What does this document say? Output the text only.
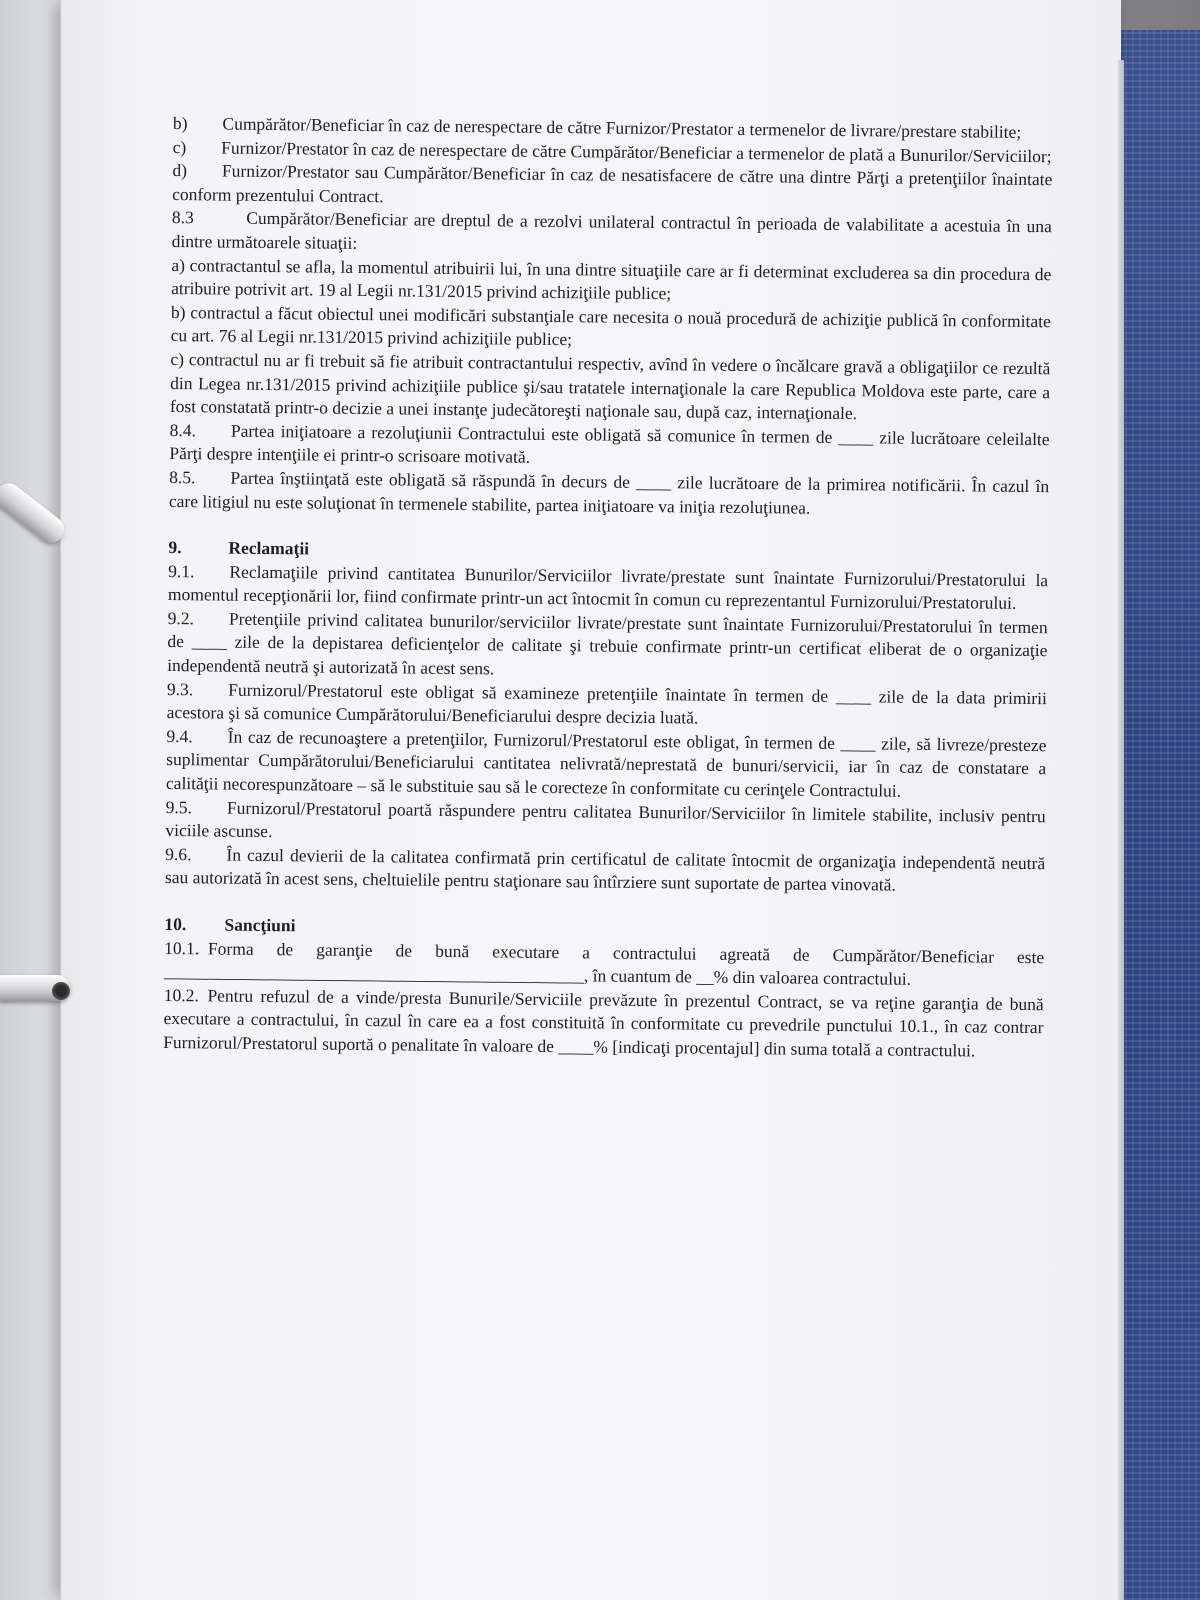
b)  Cumpărător/Beneficiar în caz de nerespectare de către Furnizor/Prestator a termenelor de livrare/prestare stabilite;

c)  Furnizor/Prestator în caz de nerespectare de către Cumpărător/Beneficiar a termenelor de plată a Bunurilor/Serviciilor;

d)  Furnizor/Prestator sau Cumpărător/Beneficiar în caz de nesatisfacere de către una dintre Părţi a pretenţiilor înaintate conform prezentului Contract.

8.3   Cumpărător/Beneficiar are dreptul de a rezolvi unilateral contractul în perioada de valabilitate a acestuia în una dintre următoarele situaţii:

a) contractantul se afla, la momentul atribuirii lui, în una dintre situaţiile care ar fi determinat excluderea sa din procedura de atribuire potrivit art. 19 al Legii nr.131/2015 privind achiziţiile publice;

b) contractul a făcut obiectul unei modificări substanţiale care necesita o nouă procedură de achiziţie publică în conformitate cu art. 76 al Legii nr.131/2015 privind achiziţiile publice;

c) contractul nu ar fi trebuit să fie atribuit contractantului respectiv, avînd în vedere o încălcare gravă a obligaţiilor ce rezultă din Legea nr.131/2015 privind achiziţiile publice şi/sau tratatele internaţionale la care Republica Moldova este parte, care a fost constatată printr-o decizie a unei instanţe judecătoreşti naţionale sau, după caz, internaţionale.

8.4.  Partea iniţiatoare a rezoluţiunii Contractului este obligată să comunice în termen de ____ zile lucrătoare celeilalte Părţi despre intenţiile ei printr-o scrisoare motivată.

8.5.  Partea înştiinţată este obligată să răspundă în decurs de ____ zile lucrătoare de la primirea notificării. În cazul în care litigiul nu este soluţionat în termenele stabilite, partea iniţiatoare va iniţia rezoluţiunea.

9.	Reclamaţii

9.1.  Reclamaţiile privind cantitatea Bunurilor/Serviciilor livrate/prestate sunt înaintate Furnizorului/Prestatorului la momentul recepţionării lor, fiind confirmate printr-un act întocmit în comun cu reprezentantul Furnizorului/Prestatorului.

9.2.  Pretenţiile privind calitatea bunurilor/serviciilor livrate/prestate sunt înaintate Furnizorului/Prestatorului în termen de ____ zile de la depistarea deficienţelor de calitate şi trebuie confirmate printr-un certificat eliberat de o organizaţie independentă neutră şi autorizată în acest sens.

9.3.  Furnizorul/Prestatorul este obligat să examineze pretenţiile înaintate în termen de ____ zile de la data primirii acestora şi să comunice Cumpărătorului/Beneficiarului despre decizia luată.

9.4.  În caz de recunoaştere a pretenţiilor, Furnizorul/Prestatorul este obligat, în termen de ____ zile, să livreze/presteze suplimentar Cumpărătorului/Beneficiarului cantitatea nelivrată/neprestată de bunuri/servicii, iar în caz de constatare a calităţii necorespunzătoare – să le substituie sau să le corecteze în conformitate cu cerinţele Contractului.

9.5.  Furnizorul/Prestatorul poartă răspundere pentru calitatea Bunurilor/Serviciilor în limitele stabilite, inclusiv pentru viciile ascunse.

9.6.  În cazul devierii de la calitatea confirmată prin certificatul de calitate întocmit de organizaţia independentă neutră sau autorizată în acest sens, cheltuielile pentru staţionare sau întîrziere sunt suportate de partea vinovată.

10. Sancţiuni

10.1. Forma de garanţie de bună executare a contractului agreată de Cumpărător/Beneficiar este ________________________________________________, în cuantum de __% din valoarea contractului.

10.2. Pentru refuzul de a vinde/presta Bunurile/Serviciile prevăzute în prezentul Contract, se va reţine garanţia de bună executare a contractului, în cazul în care ea a fost constituită în conformitate cu prevedrile punctului 10.1., în caz contrar Furnizorul/Prestatorul suportă o penalitate în valoare de ____% [indicaţi procentajul] din suma totală a contractului.
